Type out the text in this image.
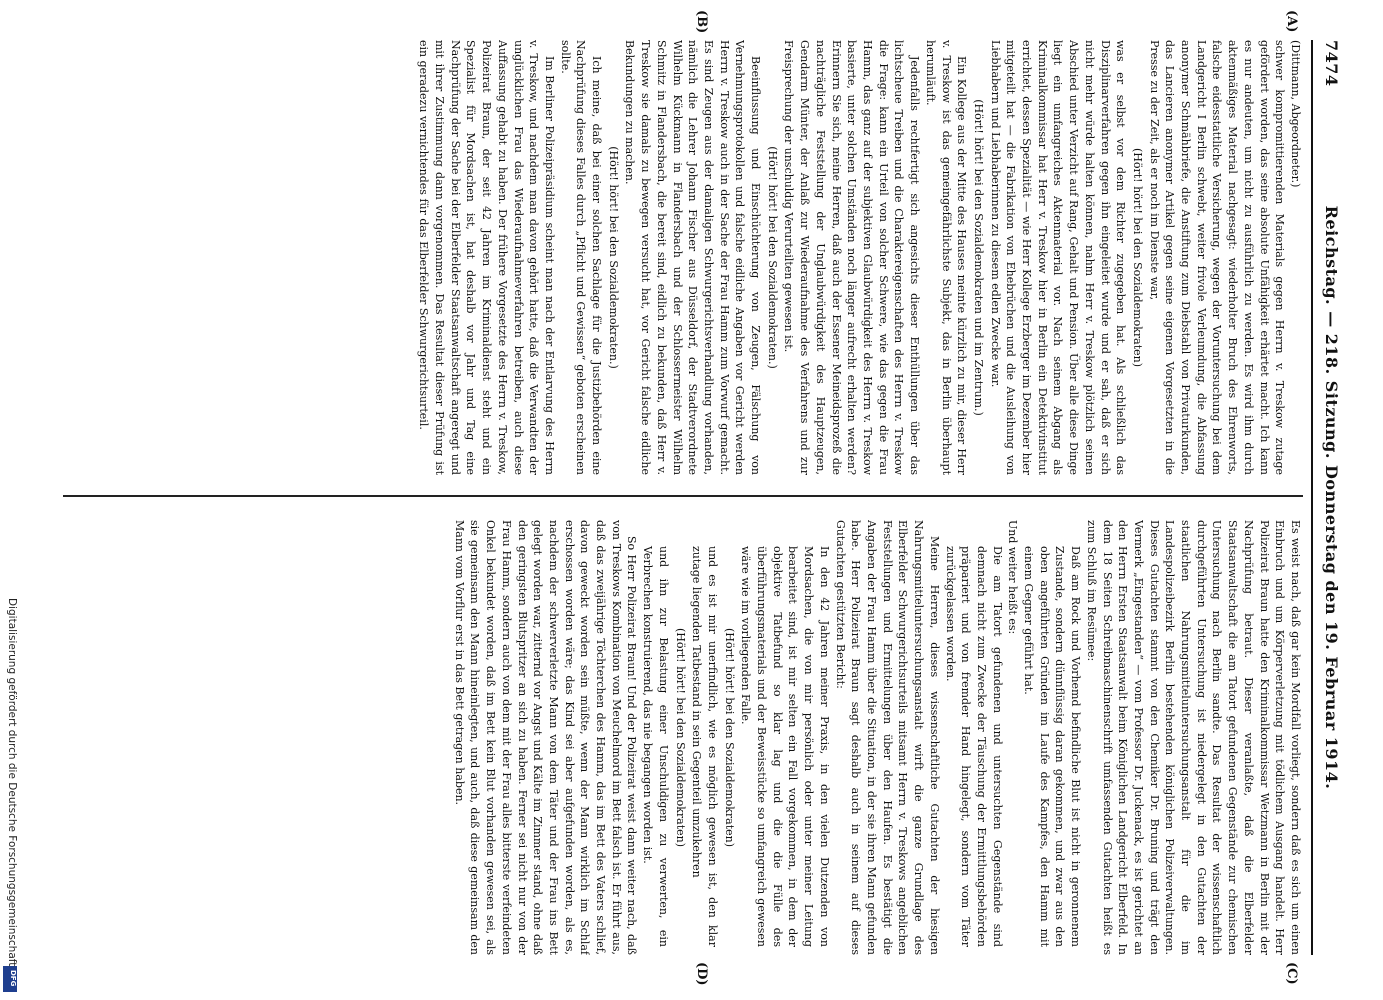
7474
Reichstag. — 218. Sitzung. Donnerstag den 19. Februar 1914.
(A)
(B)
(C)
(D)

(Dittmann, Abgeordneter.)

schwer kompromittierenden Materials gegen Herrn v. Treskow zutage gefördert worden, das seine absolute Unfähigkeit erhärtet macht. Ich kann es nur andeuten, um nicht zu ausführlich zu werden. Es wird ihm durch aktenmäßiges Material nachgesagt: wiederholter Bruch des Ehrenworts, falsche eidesstattliche Versicherung, wegen der Voruntersuchung bei dem Landgericht I Berlin schwebt, weiter frivole Verleumdung, die Abfassung anonymer Schmähbriefe, die Anstiftung zum Diebstahl von Privaturkunden, das Lancieren anonymer Artikel gegen seine eigenen Vorgesetzten in die Presse zu der Zeit, als er noch im Dienste war,

(Hört! hört! bei den Sozialdemokraten)

was er selbst vor dem Richter zugegeben hat. Als schließlich das Disziplinarverfahren gegen ihn eingeleitet wurde und er sah, daß er sich nicht mehr würde halten können, nahm Herr v. Treskow plötzlich seinen Abschied unter Verzicht auf Rang, Gehalt und Pension. Über alle diese Dinge liegt ein umfangreiches Aktenmaterial vor. Nach seinem Abgang als Kriminalkommissar hat Herr v. Treskow hier in Berlin ein Detektivinstitut errichtet, dessen Spezialität — wie Herr Kollege Erzberger im Dezember hier mitgeteilt hat — die Fabrikation von Ehebrüchen und die Ausleihung von Liebhabern und Liebhaberinnen zu diesem edlen Zwecke war.

(Hört! hört! bei den Sozialdemokraten und im Zentrum.)

Ein Kollege aus der Mitte des Hauses meinte kürzlich zu mir, dieser Herr v. Treskow ist das gemeingefährlichste Subjekt, das in Berlin überhaupt herumläuft.

Jedenfalls rechtfertigt sich angesichts dieser Enthüllungen über das lichtscheue Treiben und die Charaktereigenschaften des Herrn v. Treskow die Frage: kann ein Urteil von solcher Schwere, wie das gegen die Frau Hamm, das ganz auf der subjektiven Glaubwürdigkeit des Herrn v. Treskow basierte, unter solchen Umständen noch länger aufrecht erhalten werden? Erinnern Sie sich, meine Herren, daß auch der Essener Meineidsprozeß die nachträgliche Feststellung der Unglaubwürdigkeit des Hauptzeugen, Gendarm Münter, der Anlaß zur Wiederaufnahme des Verfahrens und zur Freisprechung der unschuldig Verurteilten gewesen ist.

(Hört! hört! bei den Sozialdemokraten.)

Beeinflussung und Einschüchterung von Zeugen, Fälschung von Vernehmungsprotokollen und falsche eidliche Angaben vor Gericht werden Herrn v. Treskow auch in der Sache der Frau Hamm zum Vorwurf gemacht. Es sind Zeugen aus der damaligen Schwurgerichtsverhandlung vorhanden, nämlich die Lehrer Johann Fischer aus Düsseldorf, der Stadtverordnete Wilhelm Kückmann in Flandersbach und der Schlossermeister Wilhelm Schmitz in Flandersbach, die bereit sind, eidlich zu bekunden, daß Herr v. Treskow sie damals zu bewegen versucht hat, vor Gericht falsche eidliche Bekundungen zu machen.

(Hört! hört! bei den Sozialdemokraten.)

Ich meine, daß bei einer solchen Sachlage für die Justizbehörden eine Nachprüfung dieses Falles durch „Pflicht und Gewissen“ geboten erscheinen sollte.

Im Berliner Polizeipräsidium scheint man nach der Entlarvung des Herrn v. Treskow, und nachdem man davon gehört hatte, daß die Verwandten der unglücklichen Frau das Wiederaufnahmeverfahren betreiben, auch diese Auffassung gehabt zu haben. Der frühere Vorgesetzte des Herrn v. Treskow, Polizeirat Braun, der seit 42 Jahren im Kriminaldienst steht und ein Spezialist für Mordsachen ist, hat deshalb vor Jahr und Tag eine Nachprüfung der Sache bei der Elberfelder Staatsanwaltschaft angeregt und mit ihrer Zustimmung dann vorgenommen. Das Resultat dieser Prüfung ist ein geradezu vernichtendes für das Elberfelder Schwurgerichtsurteil.

Es weist nach, daß gar kein Mordfall vorliegt, sondern daß es sich um einen Einbruch und um Körperverletzung mit tödlichem Ausgang handelt. Herr Polizeirat Braun hatte den Kriminalkommissar Wetzmann in Berlin mit der Nachprüfung betraut. Dieser veranlaßte, daß die Elberfelder Staatsanwaltschaft die am Tatort gefundenen Gegenstände zur chemischen Untersuchung nach Berlin sandte. Das Resultat der wissenschaftlich durchgeführten Untersuchung ist niedergelegt in den Gutachten der staatlichen Nahrungsmitteluntersuchungsanstalt für die im Landespolizeibezirk Berlin bestehenden königlichen Polizeiverwaltungen. Dieses Gutachten stammt von den Chemiker Dr. Bruning und trägt den Vermerk „Eingestanden“ — vom Professor Dr. Juckenack, es ist gerichtet an den Herrn Ersten Staatsanwalt beim Königlichen Landgericht Elberfeld. In dem 18 Seiten Schreibmaschinenschrift umfassenden Gutachten heißt es zum Schluß im Resümee:

Daß am Rock und Vorhemd befindliche Blut ist nicht in geronnenem Zustande, sondern dünnflüssig daran gekommen, und zwar aus den oben angeführten Gründen im Laufe des Kampfes, den Hamm mit einem Gegner geführt hat.

Und weiter heißt es:

Die am Tatort gefundenen und untersuchten Gegenstände sind demnach nicht zum Zwecke der Täuschung der Ermittlungsbehörden präpariert und von fremder Hand hingelegt, sondern vom Täter zurückgelassen worden.

Meine Herren, dieses wissenschaftliche Gutachten der hiesigen Nahrungsmitteluntersuchungsanstalt wirft die ganze Grundlage des Elberfelder Schwurgerichtsurteils mitsamt Herrn v. Treskows angeblichen Feststellungen und Ermittelungen über den Haufen. Es bestätigt die Angaben der Frau Hamm über die Situation, in der sie ihren Mann gefunden habe. Herr Polizeirat Braun sagt deshalb auch in seinem auf dieses Gutachten gestützten Bericht:

In den 42 Jahren meiner Praxis, in den vielen Dutzenden von Mordsachen, die von mir persönlich oder unter meiner Leitung bearbeitet sind, ist mir selten ein Fall vorgekommen, in dem der objektive Tatbefund so klar lag und die die Fülle des überführungsmaterials und der Beweisstücke so umfangreich gewesen wäre wie im vorliegenden Falle.

(Hört! hört! bei den Sozialdemokraten)

und es ist mir unerfindlich, wie es möglich gewesen ist, den klar zutage liegenden Tatbestand in sein Gegenteil umzukehren

(Hört! hört! bei den Sozialdemokraten)

und ihn zur Belastung einer Unschuldigen zu verwerten, ein Verbrechen konstruierend, das nie begangen worden ist.

So Herr Polizeirat Braun! Und der Polizeirat weist dann weiter nach, daß von Treskows Kombination von Meuchelmord im Bett falsch ist. Er führt aus, daß das zweijährige Töchterchen des Hamm, das im Bett des Vaters schlief, davon geweckt worden sein müßte, wenn der Mann wirklich im Schlaf erschossen worden wäre; das Kind sei aber aufgefunden worden, als es, nachdem der schwerverletzte Mann von dem Täter und der Frau ins Bett gelegt worden war, zitternd vor Angst und Kälte im Zimmer stand, ohne daß den geringsten Blutspritzer an sich zu haben. Ferner sei nicht nur von der Frau Hamm, sondern auch von dem mit der Frau alles bitterste verfeindeten Onkel bekundet worden, daß im Bett kein Blut vorhanden gewesen sei, als sie gemeinsam den Mann hineinlegten, und auch, daß diese gemeinsam den Mann vom Vorflur erst in das Bett getragen haben.

DFG
Digitalisierung gefördert durch die Deutsche Forschungsgemeinschaft
